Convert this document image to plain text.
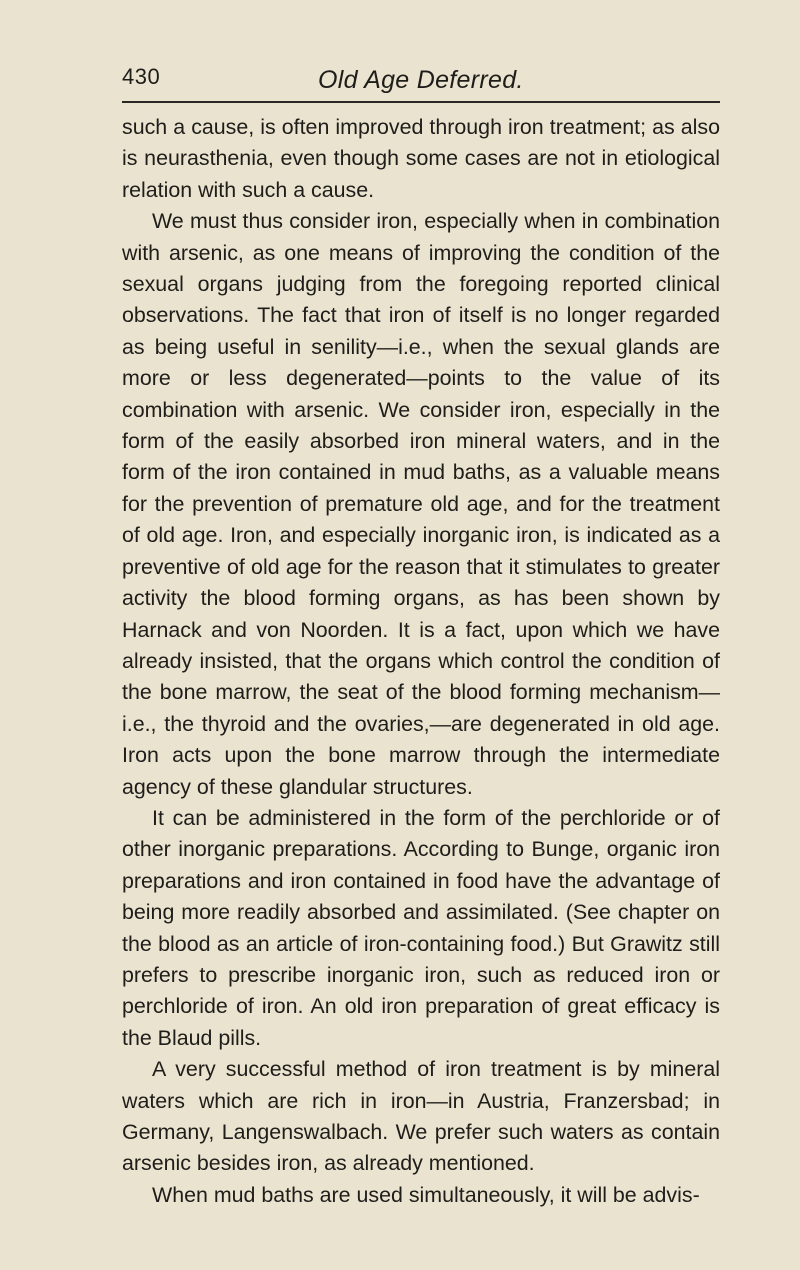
430	Old Age Deferred.

such a cause, is often improved through iron treatment; as also is neurasthenia, even though some cases are not in etiological relation with such a cause.

We must thus consider iron, especially when in combination with arsenic, as one means of improving the condition of the sexual organs judging from the foregoing reported clinical observations. The fact that iron of itself is no longer regarded as being useful in senility—i.e., when the sexual glands are more or less degenerated—points to the value of its combination with arsenic. We consider iron, especially in the form of the easily absorbed iron mineral waters, and in the form of the iron contained in mud baths, as a valuable means for the prevention of premature old age, and for the treatment of old age. Iron, and especially inorganic iron, is indicated as a preventive of old age for the reason that it stimulates to greater activity the blood forming organs, as has been shown by Harnack and von Noorden. It is a fact, upon which we have already insisted, that the organs which control the condition of the bone marrow, the seat of the blood forming mechanism—i.e., the thyroid and the ovaries,—are degenerated in old age. Iron acts upon the bone marrow through the intermediate agency of these glandular structures.

It can be administered in the form of the perchloride or of other inorganic preparations. According to Bunge, organic iron preparations and iron contained in food have the advantage of being more readily absorbed and assimilated. (See chapter on the blood as an article of iron-containing food.) But Grawitz still prefers to prescribe inorganic iron, such as reduced iron or perchloride of iron. An old iron preparation of great efficacy is the Blaud pills.

A very successful method of iron treatment is by mineral waters which are rich in iron—in Austria, Franzersbad; in Germany, Langenswalbach. We prefer such waters as contain arsenic besides iron, as already mentioned.

When mud baths are used simultaneously, it will be advis-
